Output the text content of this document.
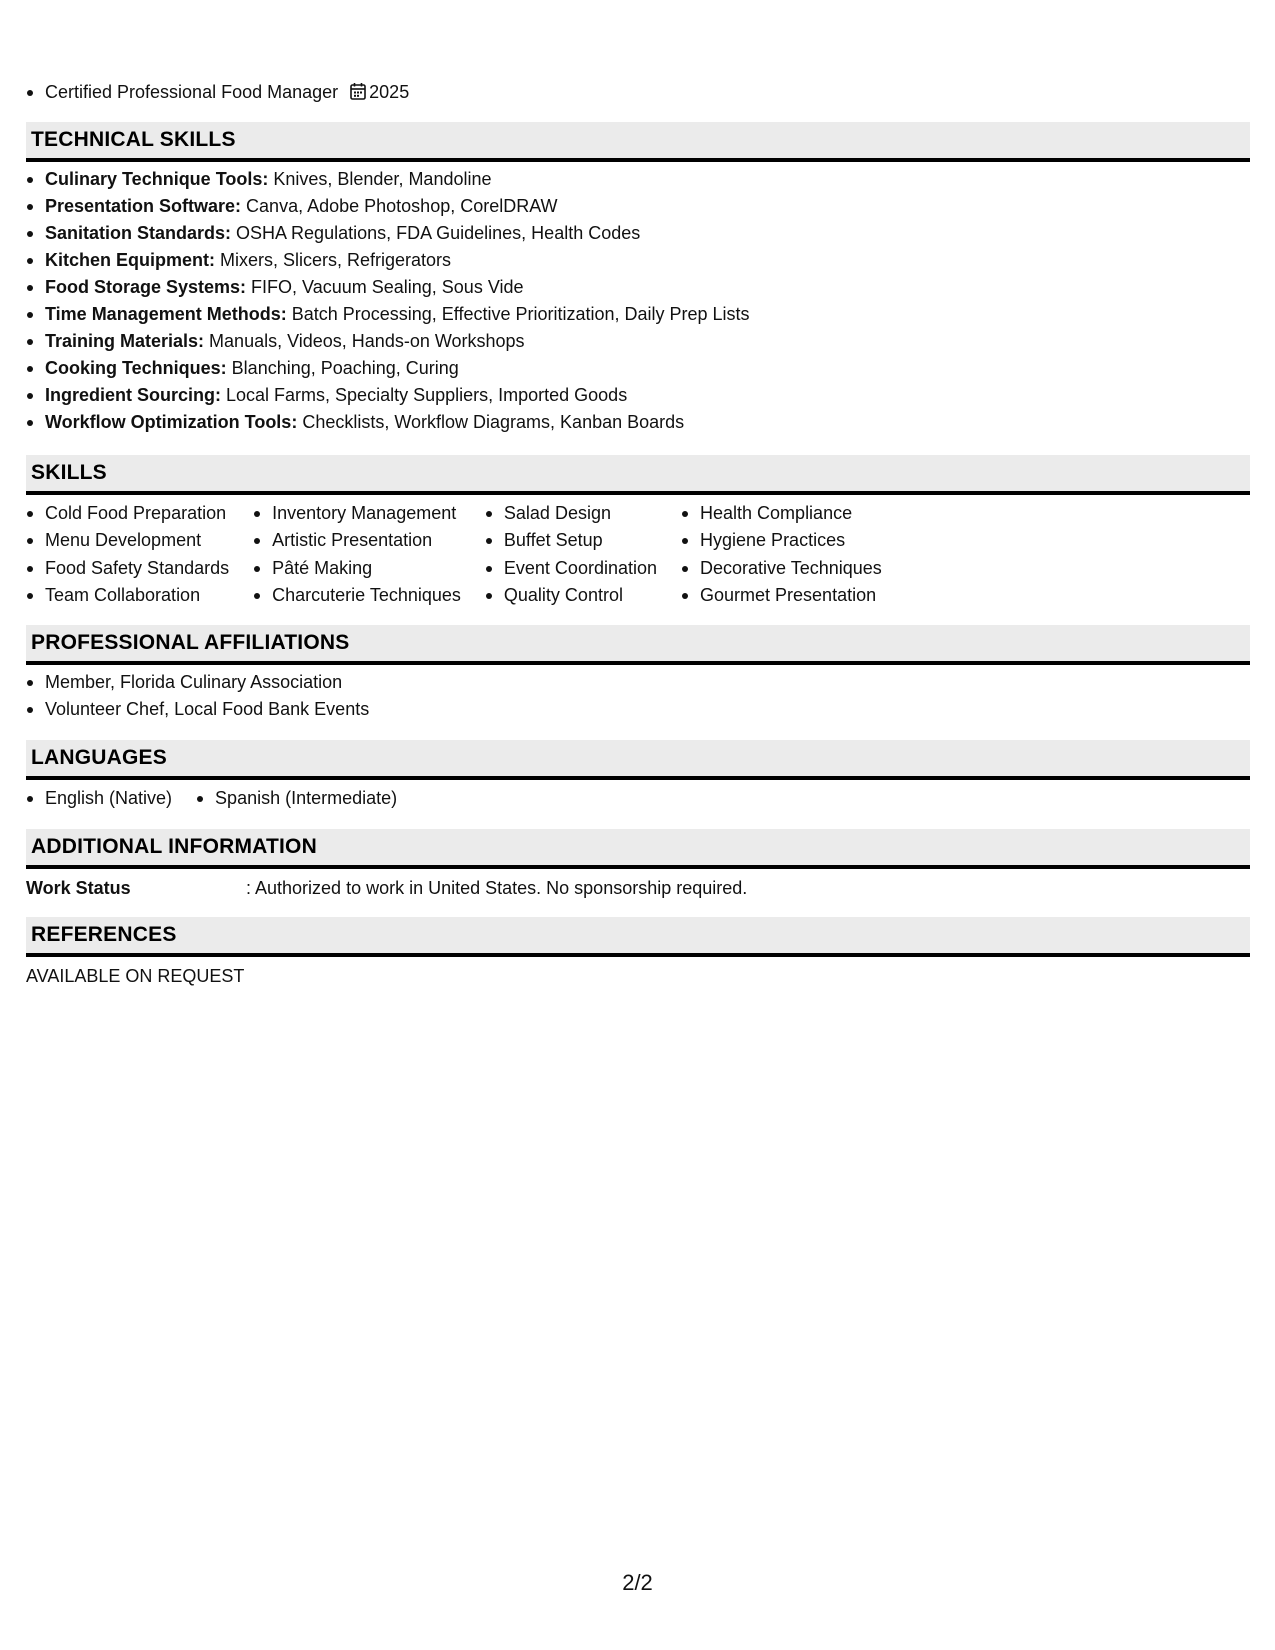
Certified Professional Food Manager 2025
TECHNICAL SKILLS
Culinary Technique Tools: Knives, Blender, Mandoline
Presentation Software: Canva, Adobe Photoshop, CorelDRAW
Sanitation Standards: OSHA Regulations, FDA Guidelines, Health Codes
Kitchen Equipment: Mixers, Slicers, Refrigerators
Food Storage Systems: FIFO, Vacuum Sealing, Sous Vide
Time Management Methods: Batch Processing, Effective Prioritization, Daily Prep Lists
Training Materials: Manuals, Videos, Hands-on Workshops
Cooking Techniques: Blanching, Poaching, Curing
Ingredient Sourcing: Local Farms, Specialty Suppliers, Imported Goods
Workflow Optimization Tools: Checklists, Workflow Diagrams, Kanban Boards
SKILLS
Cold Food Preparation
Menu Development
Food Safety Standards
Team Collaboration
Inventory Management
Artistic Presentation
Pâté Making
Charcuterie Techniques
Salad Design
Buffet Setup
Event Coordination
Quality Control
Health Compliance
Hygiene Practices
Decorative Techniques
Gourmet Presentation
PROFESSIONAL AFFILIATIONS
Member, Florida Culinary Association
Volunteer Chef, Local Food Bank Events
LANGUAGES
English (Native)	Spanish (Intermediate)
ADDITIONAL INFORMATION
Work Status	: Authorized to work in United States. No sponsorship required.
REFERENCES
AVAILABLE ON REQUEST
2/2
